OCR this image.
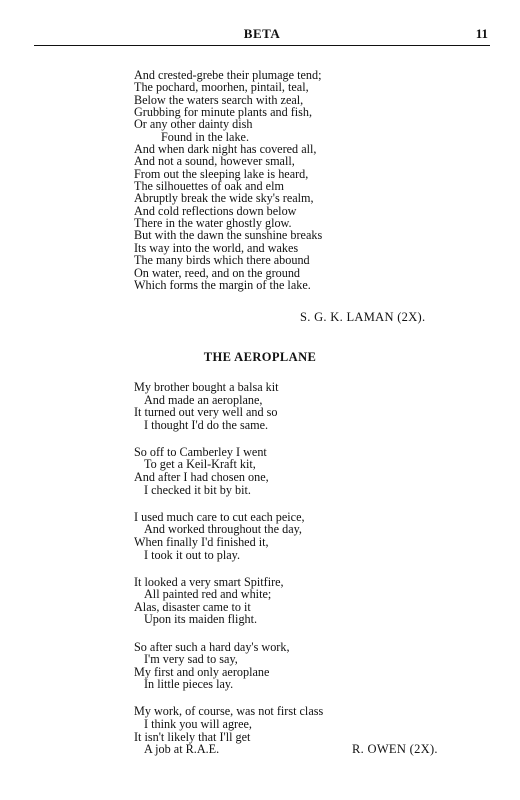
BETA	11
And crested-grebe their plumage tend;
The pochard, moorhen, pintail, teal,
Below the waters search with zeal,
Grubbing for minute plants and fish,
Or any other dainty dish
Found in the lake.
And when dark night has covered all,
And not a sound, however small,
From out the sleeping lake is heard,
The silhouettes of oak and elm
Abruptly break the wide sky's realm,
And cold reflections down below
There in the water ghostly glow.
But with the dawn the sunshine breaks
Its way into the world, and wakes
The many birds which there abound
On water, reed, and on the ground
Which forms the margin of the lake.
S. G. K. LAMAN (2X).
THE AEROPLANE
My brother bought a balsa kit
And made an aeroplane,
It turned out very well and so
I thought I'd do the same.
So off to Camberley I went
To get a Keil-Kraft kit,
And after I had chosen one,
I checked it bit by bit.
I used much care to cut each peice,
And worked throughout the day,
When finally I'd finished it,
I took it out to play.
It looked a very smart Spitfire,
All painted red and white;
Alas, disaster came to it
Upon its maiden flight.
So after such a hard day's work,
I'm very sad to say,
My first and only aeroplane
In little pieces lay.
My work, of course, was not first class
I think you will agree,
It isn't likely that I'll get
A job at R.A.E.	R. OWEN (2X).
